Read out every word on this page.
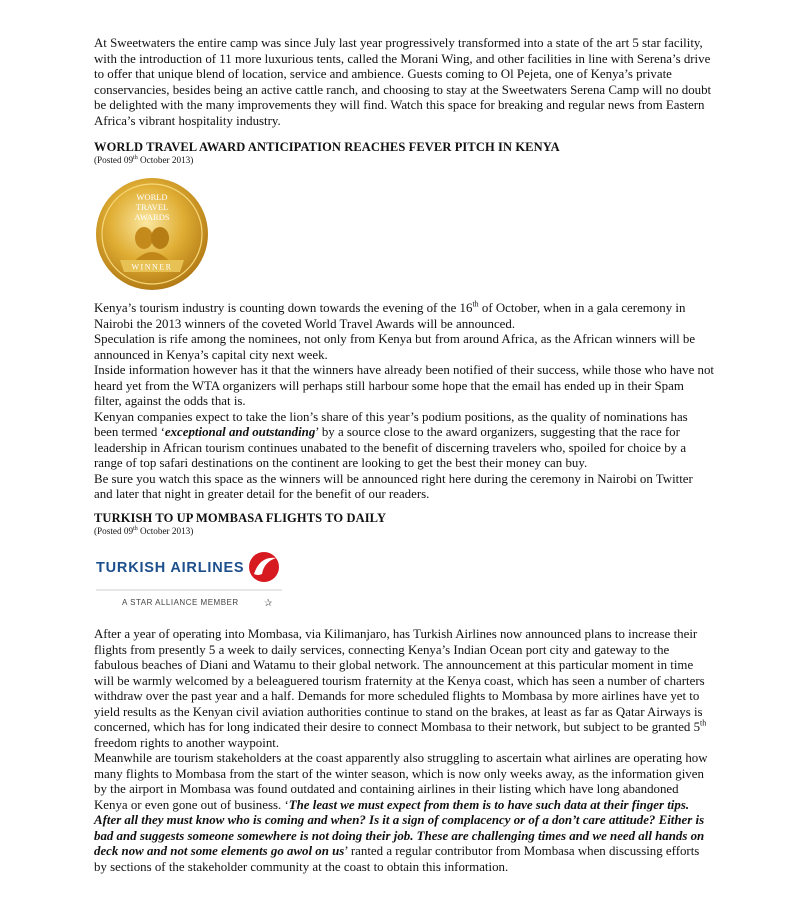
At Sweetwaters the entire camp was since July last year progressively transformed into a state of the art 5 star facility, with the introduction of 11 more luxurious tents, called the Morani Wing, and other facilities in line with Serena’s drive to offer that unique blend of location, service and ambience. Guests coming to Ol Pejeta, one of Kenya’s private conservancies, besides being an active cattle ranch, and choosing to stay at the Sweetwaters Serena Camp will no doubt be delighted with the many improvements they will find. Watch this space for breaking and regular news from Eastern Africa’s vibrant hospitality industry.

WORLD TRAVEL AWARD ANTICIPATION REACHES FEVER PITCH IN KENYA
(Posted 09th October 2013)
WORLD
TRAVEL
AWARDS
WINNER

Kenya’s tourism industry is counting down towards the evening of the 16th of October, when in a gala ceremony in Nairobi the 2013 winners of the coveted World Travel Awards will be announced.

Speculation is rife among the nominees, not only from Kenya but from around Africa, as the African winners will be announced in Kenya’s capital city next week.

Inside information however has it that the winners have already been notified of their success, while those who have not heard yet from the WTA organizers will perhaps still harbour some hope that the email has ended up in their Spam filter, against the odds that is.

Kenyan companies expect to take the lion’s share of this year’s podium positions, as the quality of nominations has been termed ‘exceptional and outstanding’ by a source close to the award organizers, suggesting that the race for leadership in African tourism continues unabated to the benefit of discerning travelers who, spoiled for choice by a range of top safari destinations on the continent are looking to get the best their money can buy.

Be sure you watch this space as the winners will be announced right here during the ceremony in Nairobi on Twitter and later that night in greater detail for the benefit of our readers.

TURKISH TO UP MOMBASA FLIGHTS TO DAILY
(Posted 09th October 2013)
TURKISH AIRLINES
A STAR ALLIANCE MEMBER	✰

After a year of operating into Mombasa, via Kilimanjaro, has Turkish Airlines now announced plans to increase their flights from presently 5 a week to daily services, connecting Kenya’s Indian Ocean port city and gateway to the fabulous beaches of Diani and Watamu to their global network. The announcement at this particular moment in time will be warmly welcomed by a beleaguered tourism fraternity at the Kenya coast, which has seen a number of charters withdraw over the past year and a half. Demands for more scheduled flights to Mombasa by more airlines have yet to yield results as the Kenyan civil aviation authorities continue to stand on the brakes, at least as far as Qatar Airways is concerned, which has for long indicated their desire to connect Mombasa to their network, but subject to be granted 5th freedom rights to another waypoint.

Meanwhile are tourism stakeholders at the coast apparently also struggling to ascertain what airlines are operating how many flights to Mombasa from the start of the winter season, which is now only weeks away, as the information given by the airport in Mombasa was found outdated and containing airlines in their listing which have long abandoned Kenya or even gone out of business. ‘The least we must expect from them is to have such data at their finger tips. After all they must know who is coming and when? Is it a sign of complacency or of a don’t care attitude? Either is bad and suggests someone somewhere is not doing their job. These are challenging times and we need all hands on deck now and not some elements go awol on us’ ranted a regular contributor from Mombasa when discussing efforts by sections of the stakeholder community at the coast to obtain this information.
